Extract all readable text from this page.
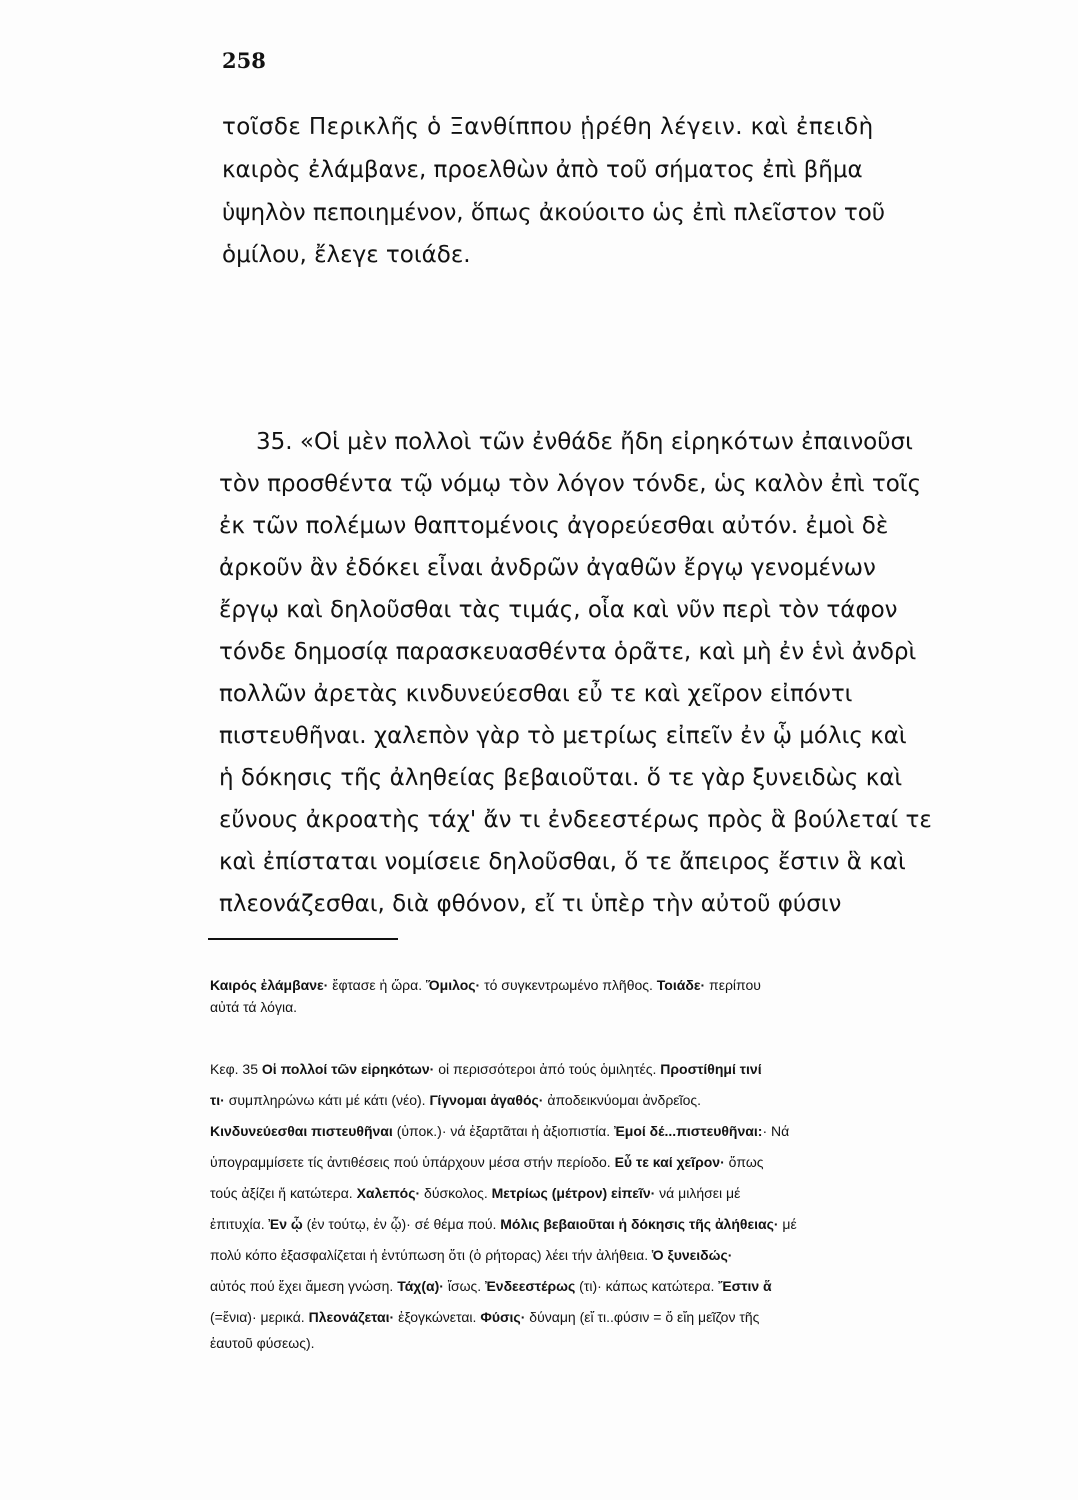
258
τοῖσδε Περικλῆς ὁ Ξανθίππου ᾑρέθη λέγειν. καὶ ἐπειδὴ
καιρὸς ἐλάμβανε, προελθὼν ἀπὸ τοῦ σήματος ἐπὶ βῆμα
ὑψηλὸν πεποιημένον, ὅπως ἀκούοιτο ὡς ἐπὶ πλεῖστον τοῦ
ὁμίλου, ἔλεγε τοιάδε.
35. «Οἱ μὲν πολλοὶ τῶν ἐνθάδε ἤδη εἰρηκότων ἐπαινοῦσι
τὸν προσθέντα τῷ νόμῳ τὸν λόγον τόνδε, ὡς καλὸν ἐπὶ τοῖς
ἐκ τῶν πολέμων θαπτομένοις ἀγορεύεσθαι αὐτόν. ἐμοὶ δὲ
ἀρκοῦν ἂν ἐδόκει εἶναι ἀνδρῶν ἀγαθῶν ἔργῳ γενομένων
ἔργῳ καὶ δηλοῦσθαι τὰς τιμάς, οἷα καὶ νῦν περὶ τὸν τάφον
τόνδε δημοσίᾳ παρασκευασθέντα ὁρᾶτε, καὶ μὴ ἐν ἑνὶ ἀνδρὶ
πολλῶν ἀρετὰς κινδυνεύεσθαι εὖ τε καὶ χεῖρον εἰπόντι
πιστευθῆναι. χαλεπὸν γὰρ τὸ μετρίως εἰπεῖν ἐν ᾧ μόλις καὶ
ἡ δόκησις τῆς ἀληθείας βεβαιοῦται. ὅ τε γὰρ ξυνειδὼς καὶ
εὔνους ἀκροατὴς τάχ' ἄν τι ἐνδεεστέρως πρὸς ἃ βούλεταί τε
καὶ ἐπίσταται νομίσειε δηλοῦσθαι, ὅ τε ἄπειρος ἔστιν ἃ καὶ
πλεονάζεσθαι, διὰ φθόνον, εἴ τι ὑπὲρ τὴν αὐτοῦ φύσιν
Καιρός ἐλάμβανε· ἔφτασε ἡ ὥρα. Ὅμιλος· τό συγκεντρωμένο πλῆθος. Τοιάδε· περίπου
αὐτά τά λόγια.
Κεφ. 35 Οἱ πολλοί τῶν εἰρηκότων· οἱ περισσότεροι ἀπό τούς ὁμιλητές. Προστίθημί τινί
τι· συμπληρώνω κάτι μέ κάτι (νέο). Γίγνομαι ἀγαθός· ἀποδεικνύομαι ἀνδρεῖος.
Κινδυνεύεσθαι πιστευθῆναι (ὑποκ.)· νά ἐξαρτᾶται ἡ ἀξιοπιστία. Ἐμοί δέ...πιστευθῆναι:· Νά
ὑπογραμμίσετε τίς ἀντιθέσεις πού ὑπάρχουν μέσα στήν περίοδο. Εὖ τε καί χεῖρον· ὅπως
τούς ἀξίζει ἤ κατώτερα. Χαλεπός· δύσκολος. Μετρίως (μέτρον) εἰπεῖν· νά μιλήσει μέ
ἐπιτυχία. Ἐν ᾧ (ἐν τούτῳ, ἐν ᾧ)· σέ θέμα πού. Μόλις βεβαιοῦται ἡ δόκησις τῆς ἀλήθειας· μέ
πολύ κόπο ἐξασφαλίζεται ἡ ἐντύπωση ὅτι (ὁ ρήτορας) λέει τήν ἀλήθεια. Ὁ ξυνειδώς·
αὐτός πού ἔχει ἄμεση γνώση. Τάχ(α)· ἴσως. Ἐνδεεστέρως (τι)· κάπως κατώτερα. Ἔστιν ἅ
(=ἔνια)· μερικά. Πλεονάζεται· ἐξογκώνεται. Φύσις· δύναμη (εἴ τι..φύσιν = ὅ εἴη μεῖζον τῆς
ἑαυτοῦ φύσεως).
